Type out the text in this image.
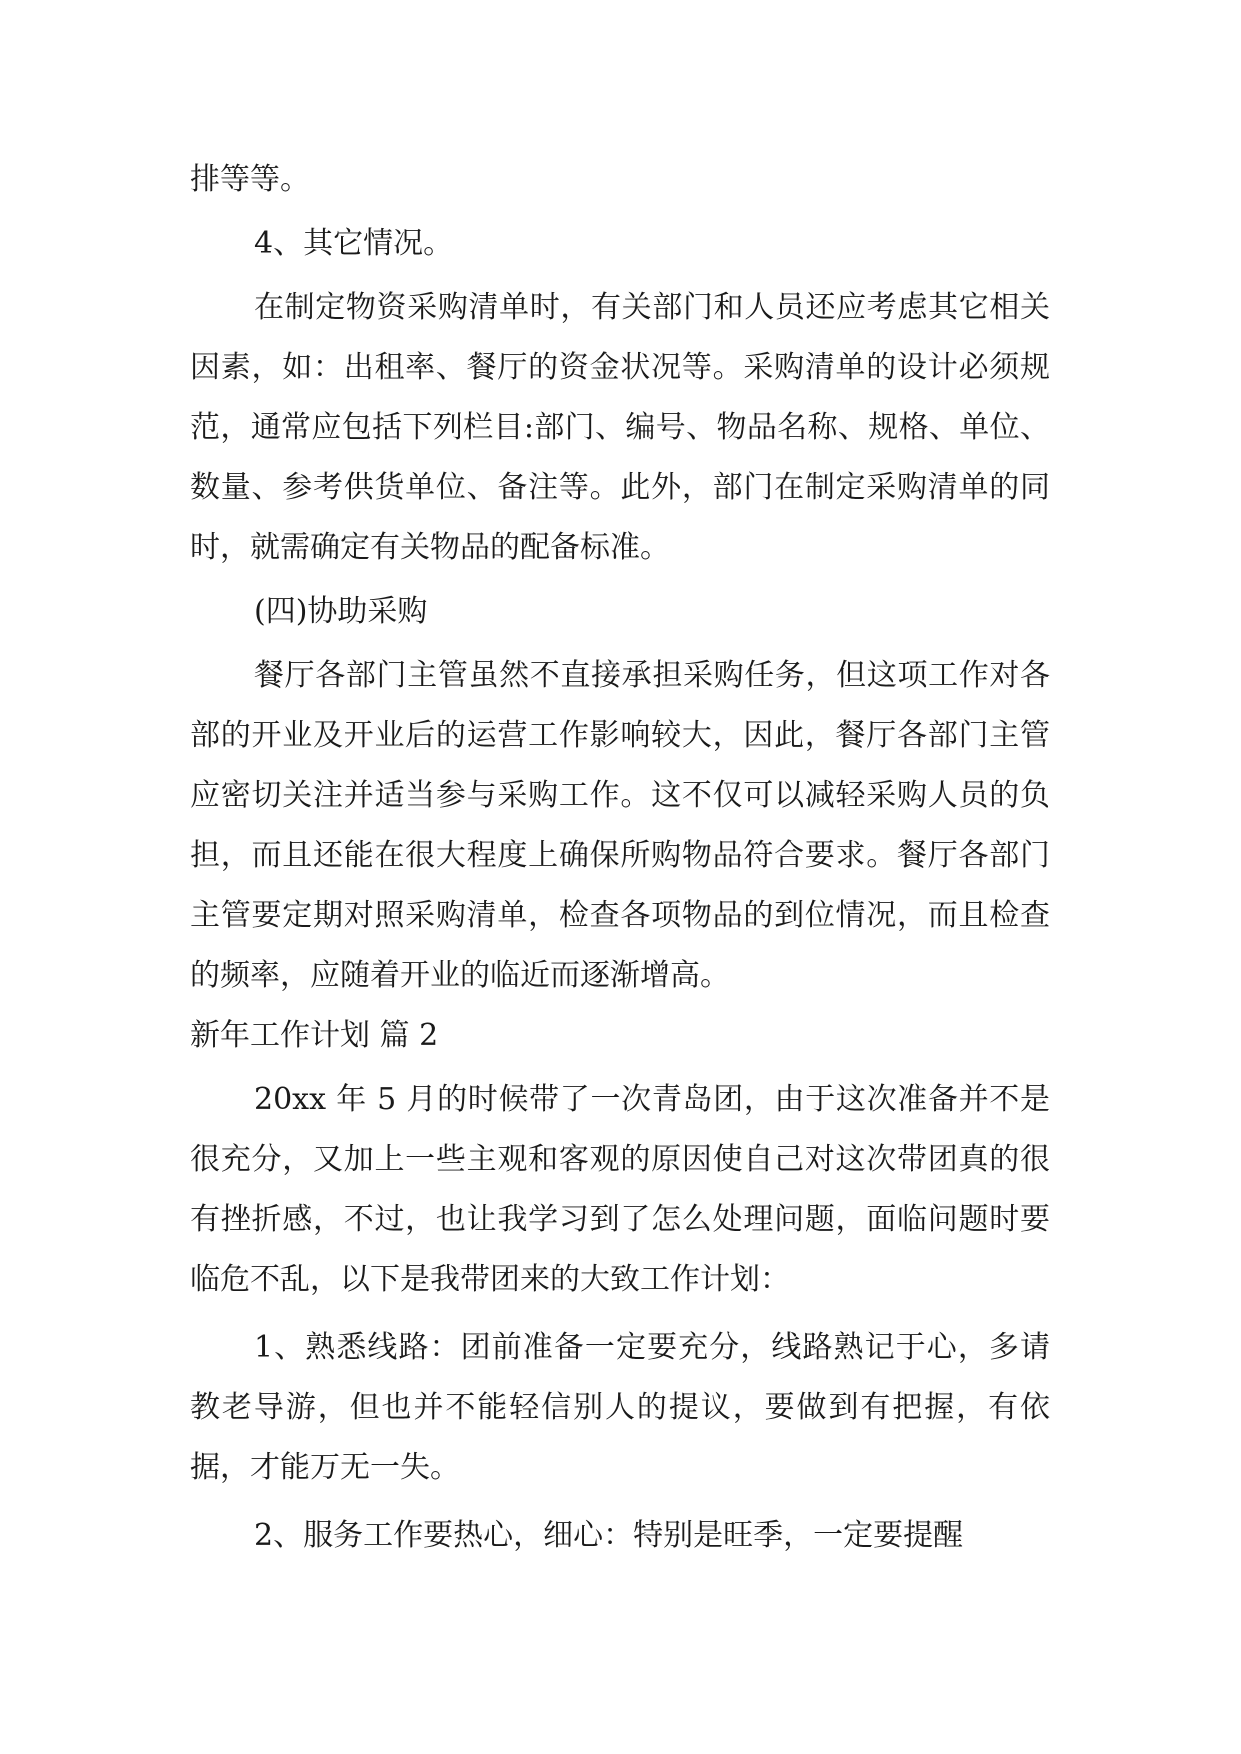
排等等。

4、其它情况。

在制定物资采购清单时，有关部门和人员还应考虑其它相关因素，如：出租率、餐厅的资金状况等。采购清单的设计必须规范，通常应包括下列栏目:部门、编号、物品名称、规格、单位、数量、参考供货单位、备注等。此外，部门在制定采购清单的同时，就需确定有关物品的配备标准。

(四)协助采购

餐厅各部门主管虽然不直接承担采购任务，但这项工作对各部的开业及开业后的运营工作影响较大，因此，餐厅各部门主管应密切关注并适当参与采购工作。这不仅可以减轻采购人员的负担，而且还能在很大程度上确保所购物品符合要求。餐厅各部门主管要定期对照采购清单，检查各项物品的到位情况，而且检查的频率，应随着开业的临近而逐渐增高。

新年工作计划 篇 2

20xx 年 5 月的时候带了一次青岛团，由于这次准备并不是很充分，又加上一些主观和客观的原因使自己对这次带团真的很有挫折感，不过，也让我学习到了怎么处理问题，面临问题时要临危不乱，以下是我带团来的大致工作计划：

1、熟悉线路：团前准备一定要充分，线路熟记于心，多请教老导游，但也并不能轻信别人的提议，要做到有把握，有依据，才能万无一失。

2、服务工作要热心，细心：特别是旺季，一定要提醒
